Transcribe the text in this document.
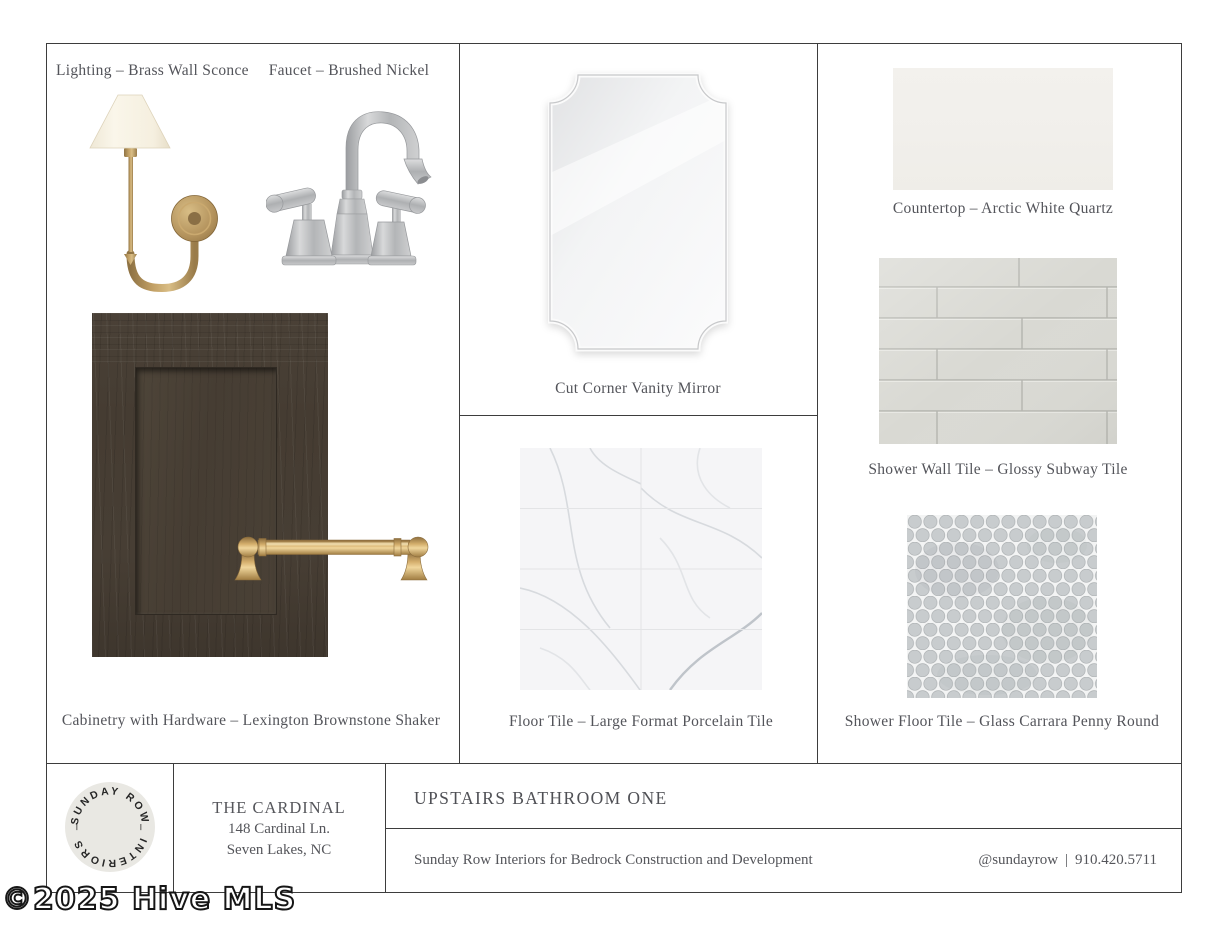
Lighting – Brass Wall Sconce	Faucet – Brushed Nickel
Cabinetry with Hardware – Lexington Brownstone Shaker
Cut Corner Vanity Mirror
Floor Tile – Large Format Porcelain Tile
Countertop – Arctic White Quartz
Shower Wall Tile – Glossy Subway Tile
Shower Floor Tile – Glass Carrara Penny Round
SUNDAY ROW
INTERIORS
–	–
THE CARDINAL
148 Cardinal Ln.
Seven Lakes, NC
UPSTAIRS BATHROOM ONE
Sunday Row Interiors for Bedrock Construction and Development	@sundayrow | 910.420.5711
©2025 Hive MLS
